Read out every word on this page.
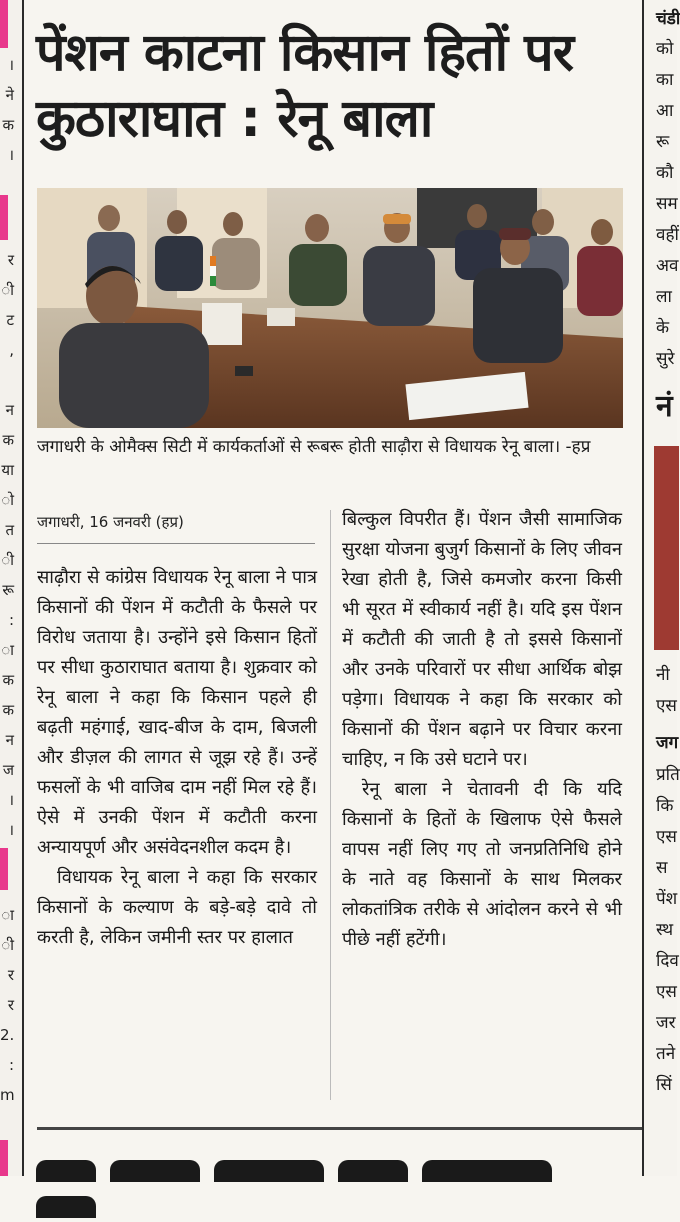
।
ने
क
।
र
ी
ट
,
न
क
या
ो
त
ी
रू
:
ा
क
क
न
ज
।
।
ा
ी
र
र
2.
:
m
पेंशन काटना किसान हितों पर कुठाराघात : रेनू बाला
जगाधरी के ओमैक्स सिटी में कार्यकर्ताओं से रूबरू होती साढ़ौरा से विधायक रेनू बाला। -हप्र
जगाधरी, 16 जनवरी (हप्र)

साढ़ौरा से कांग्रेस विधायक रेनू बाला ने पात्र किसानों की पेंशन में कटौती के फैसले पर विरोध जताया है। उन्होंने इसे किसान हितों पर सीधा कुठाराघात बताया है। शुक्रवार को रेनू बाला ने कहा कि किसान पहले ही बढ़ती महंगाई, खाद-बीज के दाम, बिजली और डीज़ल की लागत से जूझ रहे हैं। उन्हें फसलों के भी वाजिब दाम नहीं मिल रहे हैं। ऐसे में उनकी पेंशन में कटौती करना अन्यायपूर्ण और असंवेदनशील कदम है।

विधायक रेनू बाला ने कहा कि सरकार किसानों के कल्याण के बड़े-बड़े दावे तो करती है, लेकिन जमीनी स्तर पर हालात

बिल्कुल विपरीत हैं। पेंशन जैसी सामाजिक सुरक्षा योजना बुजुर्ग किसानों के लिए जीवन रेखा होती है, जिसे कमजोर करना किसी भी सूरत में स्वीकार्य नहीं है। यदि इस पेंशन में कटौती की जाती है तो इससे किसानों और उनके परिवारों पर सीधा आर्थिक बोझ पड़ेगा। विधायक ने कहा कि सरकार को किसानों की पेंशन बढ़ाने पर विचार करना चाहिए, न कि उसे घटाने पर।

रेनू बाला ने चेतावनी दी कि यदि किसानों के हितों के खिलाफ ऐसे फैसले वापस नहीं लिए गए तो जनप्रतिनिधि होने के नाते वह किसानों के साथ मिलकर लोकतांत्रिक तरीके से आंदोलन करने से भी पीछे नहीं हटेंगी।

चंडी
को
का
आ
रू
कौ
सम
वहीं
अव
ला
के
सुरे
नं
नी
एस
जग
प्रति
कि
एस
स
पेंश
स्थ
दिव
एस
जर
तने
सिं
